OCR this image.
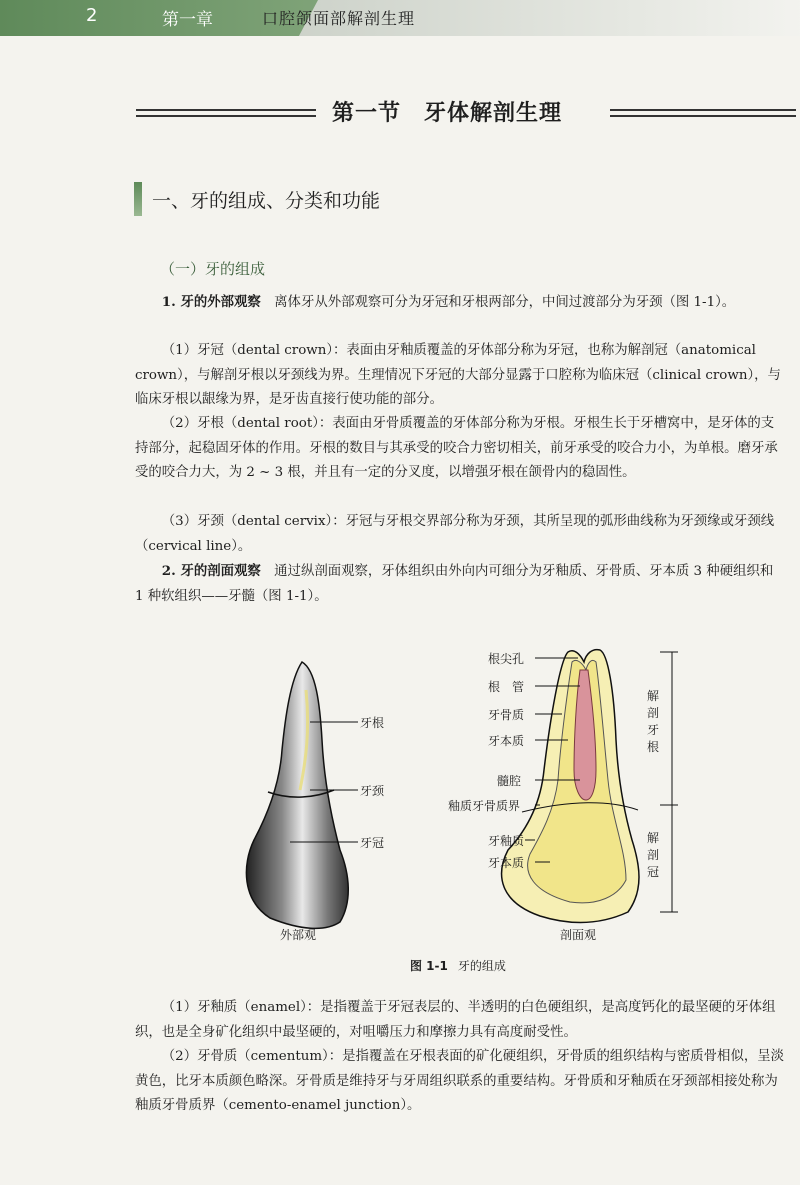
2	第一章	口腔颌面部解剖生理
第一节　牙体解剖生理
一、牙的组成、分类和功能
（一）牙的组成
1. 牙的外部观察　离体牙从外部观察可分为牙冠和牙根两部分，中间过渡部分为牙颈（图 1-1）。
（1）牙冠（dental crown）：表面由牙釉质覆盖的牙体部分称为牙冠，也称为解剖冠（anatomical crown），与解剖牙根以牙颈线为界。生理情况下牙冠的大部分显露于口腔称为临床冠（clinical crown），与临床牙根以龈缘为界，是牙齿直接行使功能的部分。
（2）牙根（dental root）：表面由牙骨质覆盖的牙体部分称为牙根。牙根生长于牙槽窝中，是牙体的支持部分，起稳固牙体的作用。牙根的数目与其承受的咬合力密切相关，前牙承受的咬合力小，为单根。磨牙承受的咬合力大，为 2 ~ 3 根，并且有一定的分叉度，以增强牙根在颌骨内的稳固性。
（3）牙颈（dental cervix）：牙冠与牙根交界部分称为牙颈，其所呈现的弧形曲线称为牙颈缘或牙颈线（cervical line）。
2. 牙的剖面观察　通过纵剖面观察，牙体组织由外向内可细分为牙釉质、牙骨质、牙本质 3 种硬组织和 1 种软组织——牙髓（图 1-1）。
牙根
牙颈
牙冠
外部观
根尖孔
根　管
牙骨质
牙本质
髓腔
釉质牙骨质界
牙釉质
牙本质
剖面观
解
剖
牙
根
解
剖
冠
图 1-1 牙的组成
（1）牙釉质（enamel）：是指覆盖于牙冠表层的、半透明的白色硬组织，是高度钙化的最坚硬的牙体组织，也是全身矿化组织中最坚硬的，对咀嚼压力和摩擦力具有高度耐受性。
（2）牙骨质（cementum）：是指覆盖在牙根表面的矿化硬组织，牙骨质的组织结构与密质骨相似，呈淡黄色，比牙本质颜色略深。牙骨质是维持牙与牙周组织联系的重要结构。牙骨质和牙釉质在牙颈部相接处称为釉质牙骨质界（cemento-enamel junction）。
